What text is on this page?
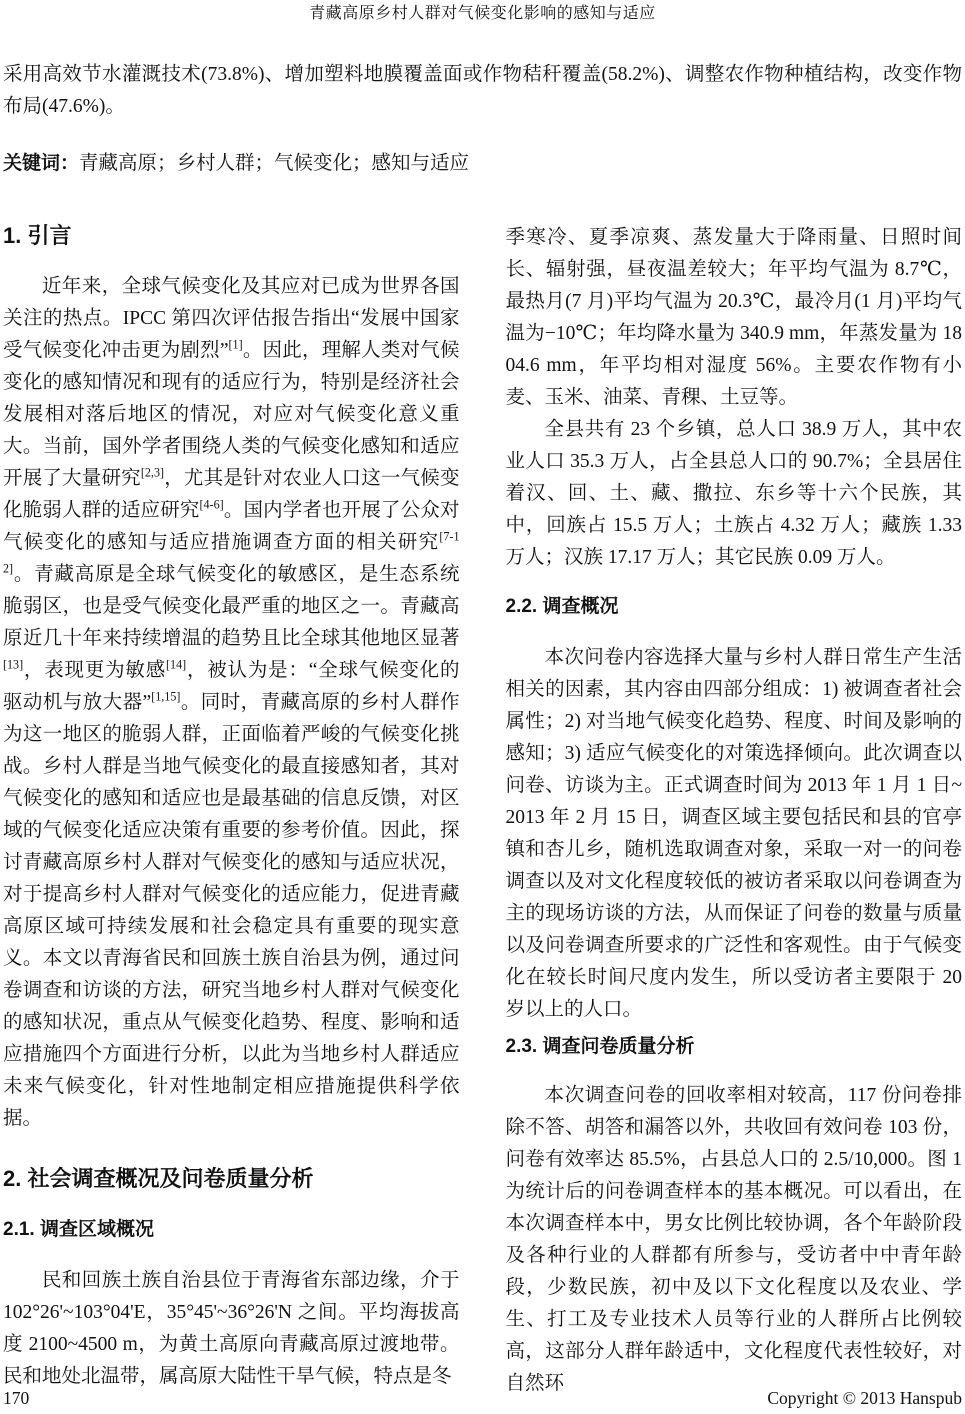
青藏高原乡村人群对气候变化影响的感知与适应

采用高效节水灌溉技术(73.8%)、增加塑料地膜覆盖面或作物秸秆覆盖(58.2%)、调整农作物种植结构，改变作物布局(47.6%)。

关键词：青藏高原；乡村人群；气候变化；感知与适应

1. 引言

近年来，全球气候变化及其应对已成为世界各国关注的热点。IPCC 第四次评估报告指出“发展中国家受气候变化冲击更为剧烈”[1]。因此，理解人类对气候变化的感知情况和现有的适应行为，特别是经济社会发展相对落后地区的情况，对应对气候变化意义重大。当前，国外学者围绕人类的气候变化感知和适应开展了大量研究[2,3]，尤其是针对农业人口这一气候变化脆弱人群的适应研究[4-6]。国内学者也开展了公众对气候变化的感知与适应措施调查方面的相关研究[7-12]。青藏高原是全球气候变化的敏感区，是生态系统脆弱区，也是受气候变化最严重的地区之一。青藏高原近几十年来持续增温的趋势且比全球其他地区显著[13]，表现更为敏感[14]，被认为是：“全球气候变化的驱动机与放大器”[1,15]。同时，青藏高原的乡村人群作为这一地区的脆弱人群，正面临着严峻的气候变化挑战。乡村人群是当地气候变化的最直接感知者，其对气候变化的感知和适应也是最基础的信息反馈，对区域的气候变化适应决策有重要的参考价值。因此，探讨青藏高原乡村人群对气候变化的感知与适应状况，对于提高乡村人群对气候变化的适应能力，促进青藏高原区域可持续发展和社会稳定具有重要的现实意义。本文以青海省民和回族土族自治县为例，通过问卷调查和访谈的方法，研究当地乡村人群对气候变化的感知状况，重点从气候变化趋势、程度、影响和适应措施四个方面进行分析，以此为当地乡村人群适应未来气候变化，针对性地制定相应措施提供科学依据。

2. 社会调查概况及问卷质量分析
2.1. 调查区域概况

民和回族土族自治县位于青海省东部边缘，介于 102°26'~103°04'E，35°45'~36°26'N 之间。平均海拔高度 2100~4500 m，为黄土高原向青藏高原过渡地带。民和地处北温带，属高原大陆性干旱气候，特点是冬

季寒冷、夏季凉爽、蒸发量大于降雨量、日照时间长、辐射强，昼夜温差较大；年平均气温为 8.7℃，最热月(7 月)平均气温为 20.3℃，最冷月(1 月)平均气温为−10℃；年均降水量为 340.9 mm，年蒸发量为 1804.6 mm，年平均相对湿度 56%。主要农作物有小麦、玉米、油菜、青稞、土豆等。

全县共有 23 个乡镇，总人口 38.9 万人，其中农业人口 35.3 万人，占全县总人口的 90.7%；全县居住着汉、回、土、藏、撒拉、东乡等十六个民族，其中，回族占 15.5 万人；土族占 4.32 万人；藏族 1.33 万人；汉族 17.17 万人；其它民族 0.09 万人。

2.2. 调查概况

本次问卷内容选择大量与乡村人群日常生产生活相关的因素，其内容由四部分组成：1) 被调查者社会属性；2) 对当地气候变化趋势、程度、时间及影响的感知；3) 适应气候变化的对策选择倾向。此次调查以问卷、访谈为主。正式调查时间为 2013 年 1 月 1 日~2013 年 2 月 15 日，调查区域主要包括民和县的官亭镇和杏儿乡，随机选取调查对象，采取一对一的问卷调查以及对文化程度较低的被访者采取以问卷调查为主的现场访谈的方法，从而保证了问卷的数量与质量以及问卷调查所要求的广泛性和客观性。由于气候变化在较长时间尺度内发生，所以受访者主要限于 20 岁以上的人口。

2.3. 调查问卷质量分析

本次调查问卷的回收率相对较高，117 份问卷排除不答、胡答和漏答以外，共收回有效问卷 103 份，问卷有效率达 85.5%，占县总人口的 2.5/10,000。图 1 为统计后的问卷调查样本的基本概况。可以看出，在本次调查样本中，男女比例比较协调，各个年龄阶段及各种行业的人群都有所参与，受访者中中青年龄段，少数民族，初中及以下文化程度以及农业、学生、打工及专业技术人员等行业的人群所占比例较高，这部分人群年龄适中，文化程度代表性较好，对自然环

170	Copyright © 2013 Hanspub
